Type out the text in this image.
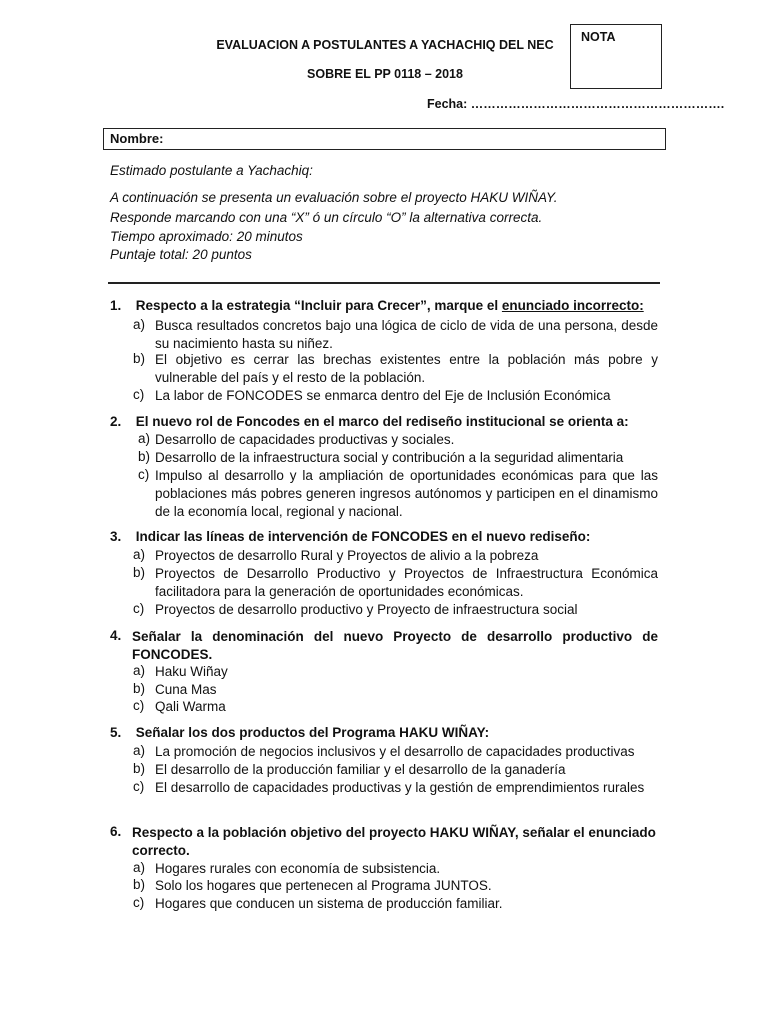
EVALUACION A POSTULANTES A YACHACHIQ DEL NEC
SOBRE EL PP 0118 – 2018
NOTA
Fecha: …………………………………………………….
Nombre:
Estimado postulante a Yachachiq:
A continuación se presenta un evaluación sobre el proyecto HAKU WIÑAY.
Responde marcando con una “X” ó un círculo “O” la alternativa correcta.
Tiempo aproximado: 20 minutos
Puntaje total: 20 puntos
1. Respecto a la estrategia “Incluir para Crecer”, marque el enunciado incorrecto:
a) Busca resultados concretos bajo una lógica de ciclo de vida de una persona, desde su nacimiento hasta su niñez.
b) El objetivo es cerrar las brechas existentes entre la población más pobre y vulnerable del país y el resto de la población.
c) La labor de FONCODES se enmarca dentro del Eje de Inclusión Económica
2. El nuevo rol de Foncodes en el marco del rediseño institucional se orienta a:
a) Desarrollo de capacidades productivas y sociales.
b) Desarrollo de la infraestructura social y contribución a la seguridad alimentaria
c) Impulso al desarrollo y la ampliación de oportunidades económicas para que las poblaciones más pobres generen ingresos autónomos y participen en el dinamismo de la economía local, regional y nacional.
3. Indicar las líneas de intervención de FONCODES en el nuevo rediseño:
a) Proyectos de desarrollo Rural y Proyectos de alivio a la pobreza
b) Proyectos de Desarrollo Productivo y Proyectos de Infraestructura Económica facilitadora para la generación de oportunidades económicas.
c) Proyectos de desarrollo productivo y Proyecto de infraestructura social
4. Señalar la denominación del nuevo Proyecto de desarrollo productivo de FONCODES.
a) Haku Wiñay
b) Cuna Mas
c) Qali Warma
5. Señalar los dos productos del Programa HAKU WIÑAY:
a) La promoción de negocios inclusivos y el desarrollo de capacidades productivas
b) El desarrollo de la producción familiar y el desarrollo de la ganadería
c) El desarrollo de capacidades productivas y la gestión de emprendimientos rurales
6. Respecto a la población objetivo del proyecto HAKU WIÑAY, señalar el enunciado correcto.
a) Hogares rurales con economía de subsistencia.
b) Solo los hogares que pertenecen al Programa JUNTOS.
c) Hogares que conducen un sistema de producción familiar.
